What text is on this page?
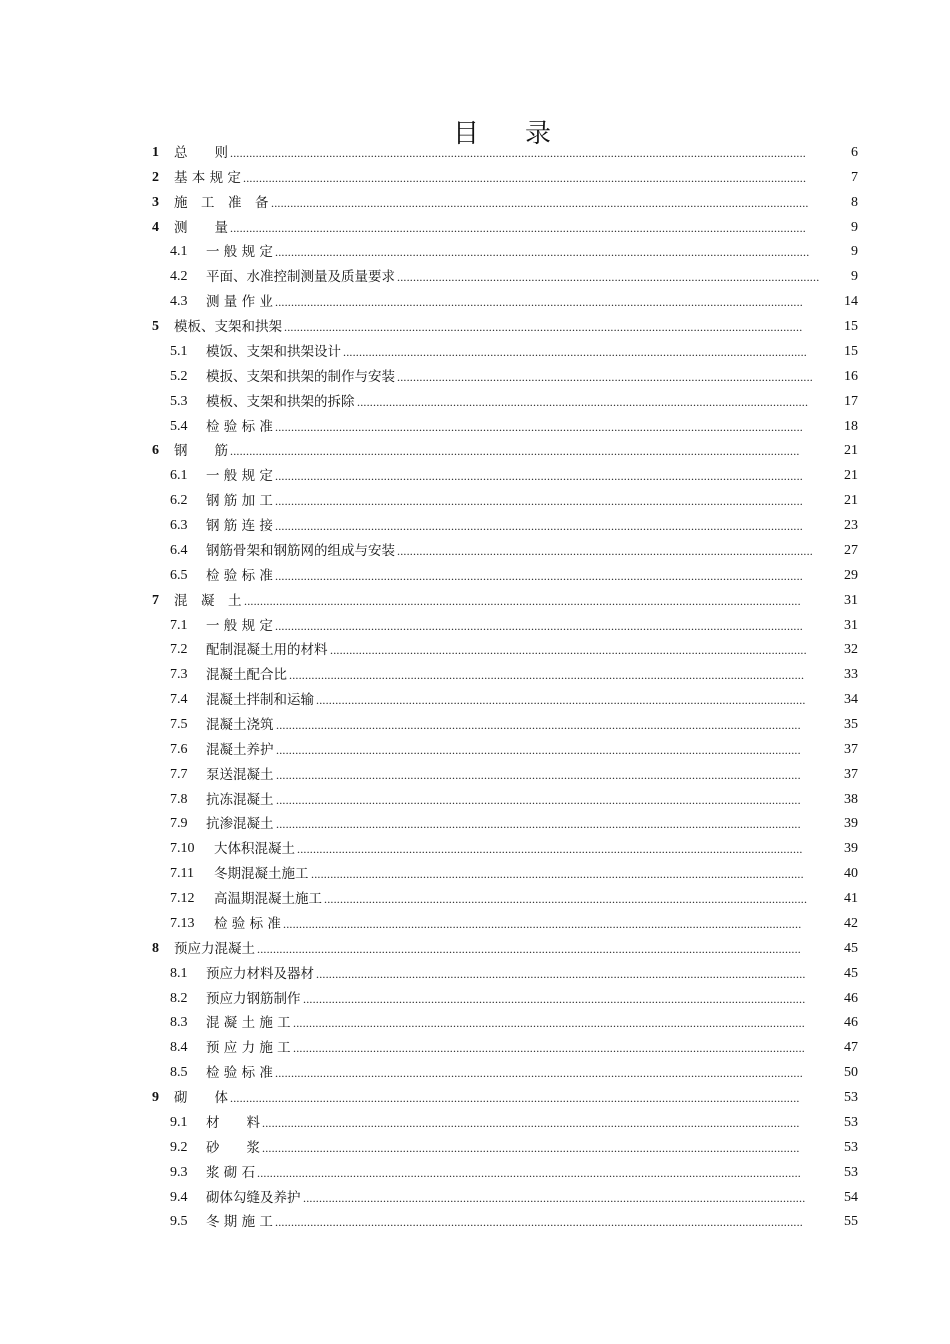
目 录
1 总　　则 ....................................................................................................................................................................................	6
2 基 本 规 定 ................................................................................................................................................................................	7
3 施　工　准　备 ........................................................................................................................................................................	8
4 测　　量 ....................................................................................................................................................................................	9
4.1 一 般 规 定 .......................................................................................................................................................................	9
4.2 平面、水准控制测量及质量要求 ....................................................................................................................................	9
4.3 测 量 作 业 .....................................................................................................................................................................	14
5 模板、支架和拱架 ..................................................................................................................................................................	15
5.1 模饭、支架和拱架设计 .................................................................................................................................................	15
5.2 模扳、支架和拱架的制作与安装 ..................................................................................................................................	16
5.3 模板、支架和拱架的拆除 .............................................................................................................................................	17
5.4 检 验 标 准 .....................................................................................................................................................................	18
6 钢　　筋 ..................................................................................................................................................................................	21
6.1 一 般 规 定 .....................................................................................................................................................................	21
6.2 钢 筋 加 工 .....................................................................................................................................................................	21
6.3 钢 筋 连 接 .....................................................................................................................................................................	23
6.4 钢筋骨架和钢筋网的组成与安装 ..................................................................................................................................	27
6.5 检 验 标 准 .....................................................................................................................................................................	29
7 混　凝　土 ..............................................................................................................................................................................	31
7.1 一 般 规 定 .....................................................................................................................................................................	31
7.2 配制混凝土用的材料 .....................................................................................................................................................	32
7.3 混凝土配合比 .................................................................................................................................................................	33
7.4 混凝土拌制和运输 .........................................................................................................................................................	34
7.5 混凝土浇筑 ....................................................................................................................................................................	35
7.6 混凝土养护 ....................................................................................................................................................................	37
7.7 泵送混凝土 ....................................................................................................................................................................	37
7.8 抗冻混凝土 ....................................................................................................................................................................	38
7.9 抗渗混凝土 ....................................................................................................................................................................	39
7.10 大体积混凝土 ..............................................................................................................................................................	39
7.11 冬期混凝土施工 ..........................................................................................................................................................	40
7.12 高温期混凝土施工 .......................................................................................................................................................	41
7.13 检 验 标 准 ..................................................................................................................................................................	42
8 预应力混凝土 ..........................................................................................................................................................................	45
8.1 预应力材料及器材 .........................................................................................................................................................	45
8.2 预应力钢筋制作 .............................................................................................................................................................	46
8.3 混 凝 土 施 工 ................................................................................................................................................................	46
8.4 预 应 力 施 工 ................................................................................................................................................................	47
8.5 检 验 标 准 .....................................................................................................................................................................	50
9 砌　　体 ..................................................................................................................................................................................	53
9.1 材　　料 ........................................................................................................................................................................	53
9.2 砂　　浆 ........................................................................................................................................................................	53
9.3 浆 砌 石 ..........................................................................................................................................................................	53
9.4 砌体勾缝及养护 .............................................................................................................................................................	54
9.5 冬 期 施 工 .....................................................................................................................................................................	55
